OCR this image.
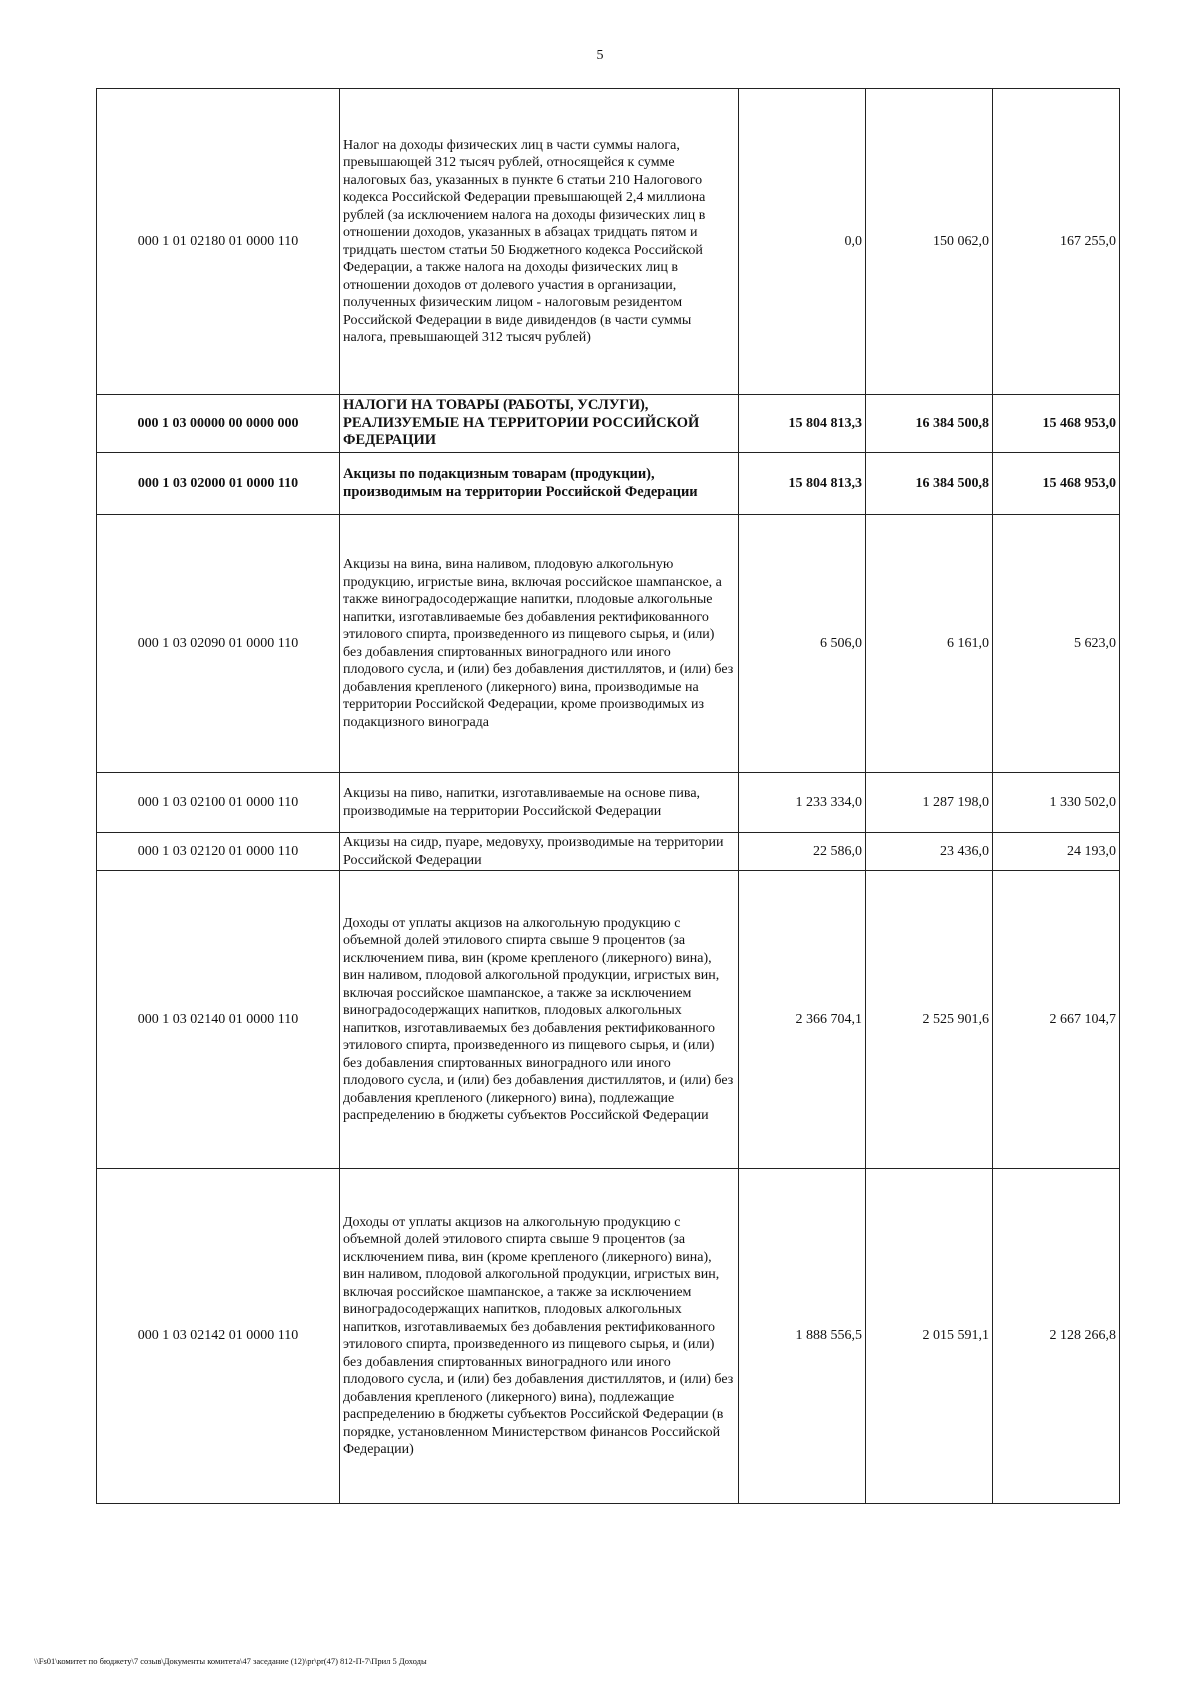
5
000 1 01 02180 01 0000 110	Налог на доходы физических лиц в части суммы налога, превышающей 312 тысяч рублей, относящейся к сумме налоговых баз, указанных в пункте 6 статьи 210 Налогового кодекса Российской Федерации превышающей 2,4 миллиона рублей (за исключением налога на доходы физических лиц в отношении доходов, указанных в абзацах тридцать пятом и тридцать шестом статьи 50 Бюджетного кодекса Российской Федерации, а также налога на доходы физических лиц в отношении доходов от долевого участия в организации, полученных физическим лицом - налоговым резидентом Российской Федерации в виде дивидендов (в части суммы налога, превышающей 312 тысяч рублей)	0,0	150 062,0	167 255,0
000 1 03 00000 00 0000 000	НАЛОГИ НА ТОВАРЫ (РАБОТЫ, УСЛУГИ), РЕАЛИЗУЕМЫЕ НА ТЕРРИТОРИИ РОССИЙСКОЙ ФЕДЕРАЦИИ	15 804 813,3	16 384 500,8	15 468 953,0
000 1 03 02000 01 0000 110	Акцизы по подакцизным товарам (продукции), производимым на территории Российской Федерации	15 804 813,3	16 384 500,8	15 468 953,0
000 1 03 02090 01 0000 110	Акцизы на вина, вина наливом, плодовую алкогольную продукцию, игристые вина, включая российское шампанское, а также виноградосодержащие напитки, плодовые алкогольные напитки, изготавливаемые без добавления ректификованного этилового спирта, произведенного из пищевого сырья, и (или) без добавления спиртованных виноградного или иного плодового сусла, и (или) без добавления дистиллятов, и (или) без добавления крепленого (ликерного) вина, производимые на территории Российской Федерации, кроме производимых из подакцизного винограда	6 506,0	6 161,0	5 623,0
000 1 03 02100 01 0000 110	Акцизы на пиво, напитки, изготавливаемые на основе пива, производимые на территории Российской Федерации	1 233 334,0	1 287 198,0	1 330 502,0
000 1 03 02120 01 0000 110	Акцизы на сидр, пуаре, медовуху, производимые на территории Российской Федерации	22 586,0	23 436,0	24 193,0
000 1 03 02140 01 0000 110	Доходы от уплаты акцизов на алкогольную продукцию с объемной долей этилового спирта свыше 9 процентов (за исключением пива, вин (кроме крепленого (ликерного) вина), вин наливом, плодовой алкогольной продукции, игристых вин, включая российское шампанское, а также за исключением виноградосодержащих напитков, плодовых алкогольных напитков, изготавливаемых без добавления ректификованного этилового спирта, произведенного из пищевого сырья, и (или) без добавления спиртованных виноградного или иного плодового сусла, и (или) без добавления дистиллятов, и (или) без добавления крепленого (ликерного) вина), подлежащие распределению в бюджеты субъектов Российской Федерации	2 366 704,1	2 525 901,6	2 667 104,7
000 1 03 02142 01 0000 110	Доходы от уплаты акцизов на алкогольную продукцию с объемной долей этилового спирта свыше 9 процентов (за исключением пива, вин (кроме крепленого (ликерного) вина), вин наливом, плодовой алкогольной продукции, игристых вин, включая российское шампанское, а также за исключением виноградосодержащих напитков, плодовых алкогольных напитков, изготавливаемых без добавления ректификованного этилового спирта, произведенного из пищевого сырья, и (или) без добавления спиртованных виноградного или иного плодового сусла, и (или) без добавления дистиллятов, и (или) без добавления крепленого (ликерного) вина), подлежащие распределению в бюджеты субъектов Российской Федерации (в порядке, установленном Министерством финансов Российской Федерации)	1 888 556,5	2 015 591,1	2 128 266,8
\\Fs01\комитет по бюджету\7 созыв\Документы комитета\47 заседание (12)\pr\pr(47) 812-П-7\Прил 5 Доходы
